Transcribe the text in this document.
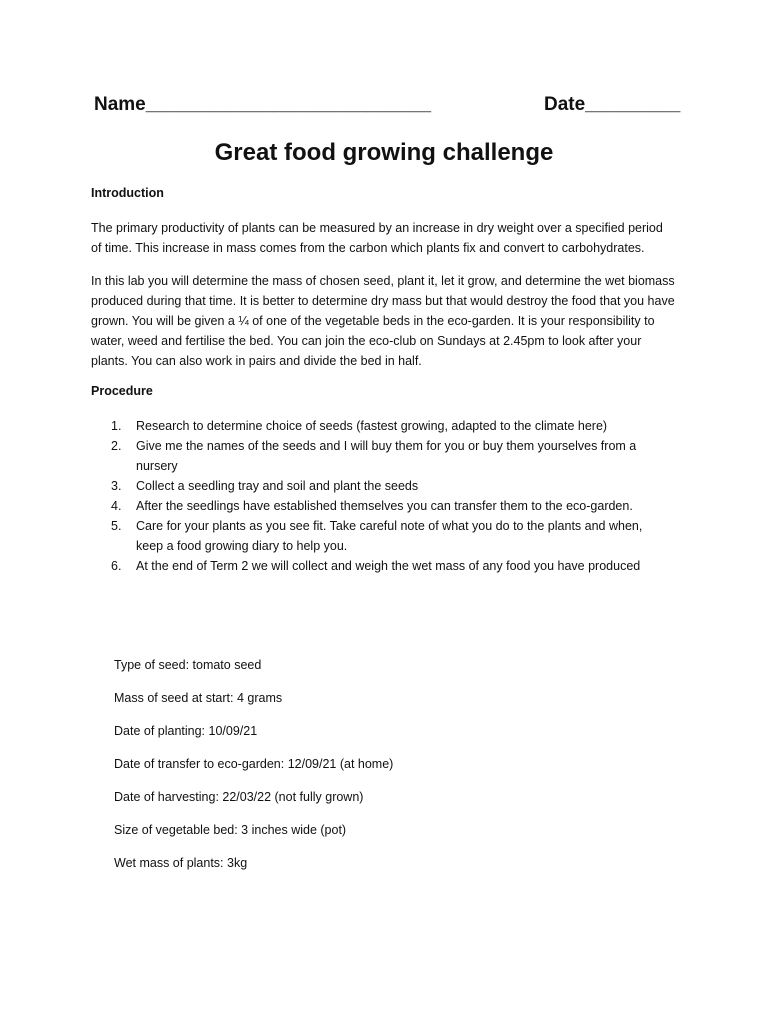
Name___________________________	Date_________
Great food growing challenge
Introduction

The primary productivity of plants can be measured by an increase in dry weight over a specified period of time. This increase in mass comes from the carbon which plants fix and convert to carbohydrates.

In this lab you will determine the mass of chosen seed, plant it, let it grow, and determine the wet biomass produced during that time. It is better to determine dry mass but that would destroy the food that you have grown. You will be given a ¼ of one of the vegetable beds in the eco-garden. It is your responsibility to water, weed and fertilise the bed. You can join the eco-club on Sundays at 2.45pm to look after your plants. You can also work in pairs and divide the bed in half.

Procedure
1. Research to determine choice of seeds (fastest growing, adapted to the climate here)
2. Give me the names of the seeds and I will buy them for you or buy them yourselves from a nursery
3. Collect a seedling tray and soil and plant the seeds
4. After the seedlings have established themselves you can transfer them to the eco-garden.
5. Care for your plants as you see fit. Take careful note of what you do to the plants and when, keep a food growing diary to help you.
6. At the end of Term 2 we will collect and weigh the wet mass of any food you have produced
Type of seed: tomato seed
Mass of seed at start: 4 grams
Date of planting: 10/09/21
Date of transfer to eco-garden: 12/09/21 (at home)
Date of harvesting: 22/03/22 (not fully grown)
Size of vegetable bed: 3 inches wide (pot)
Wet mass of plants: 3kg
